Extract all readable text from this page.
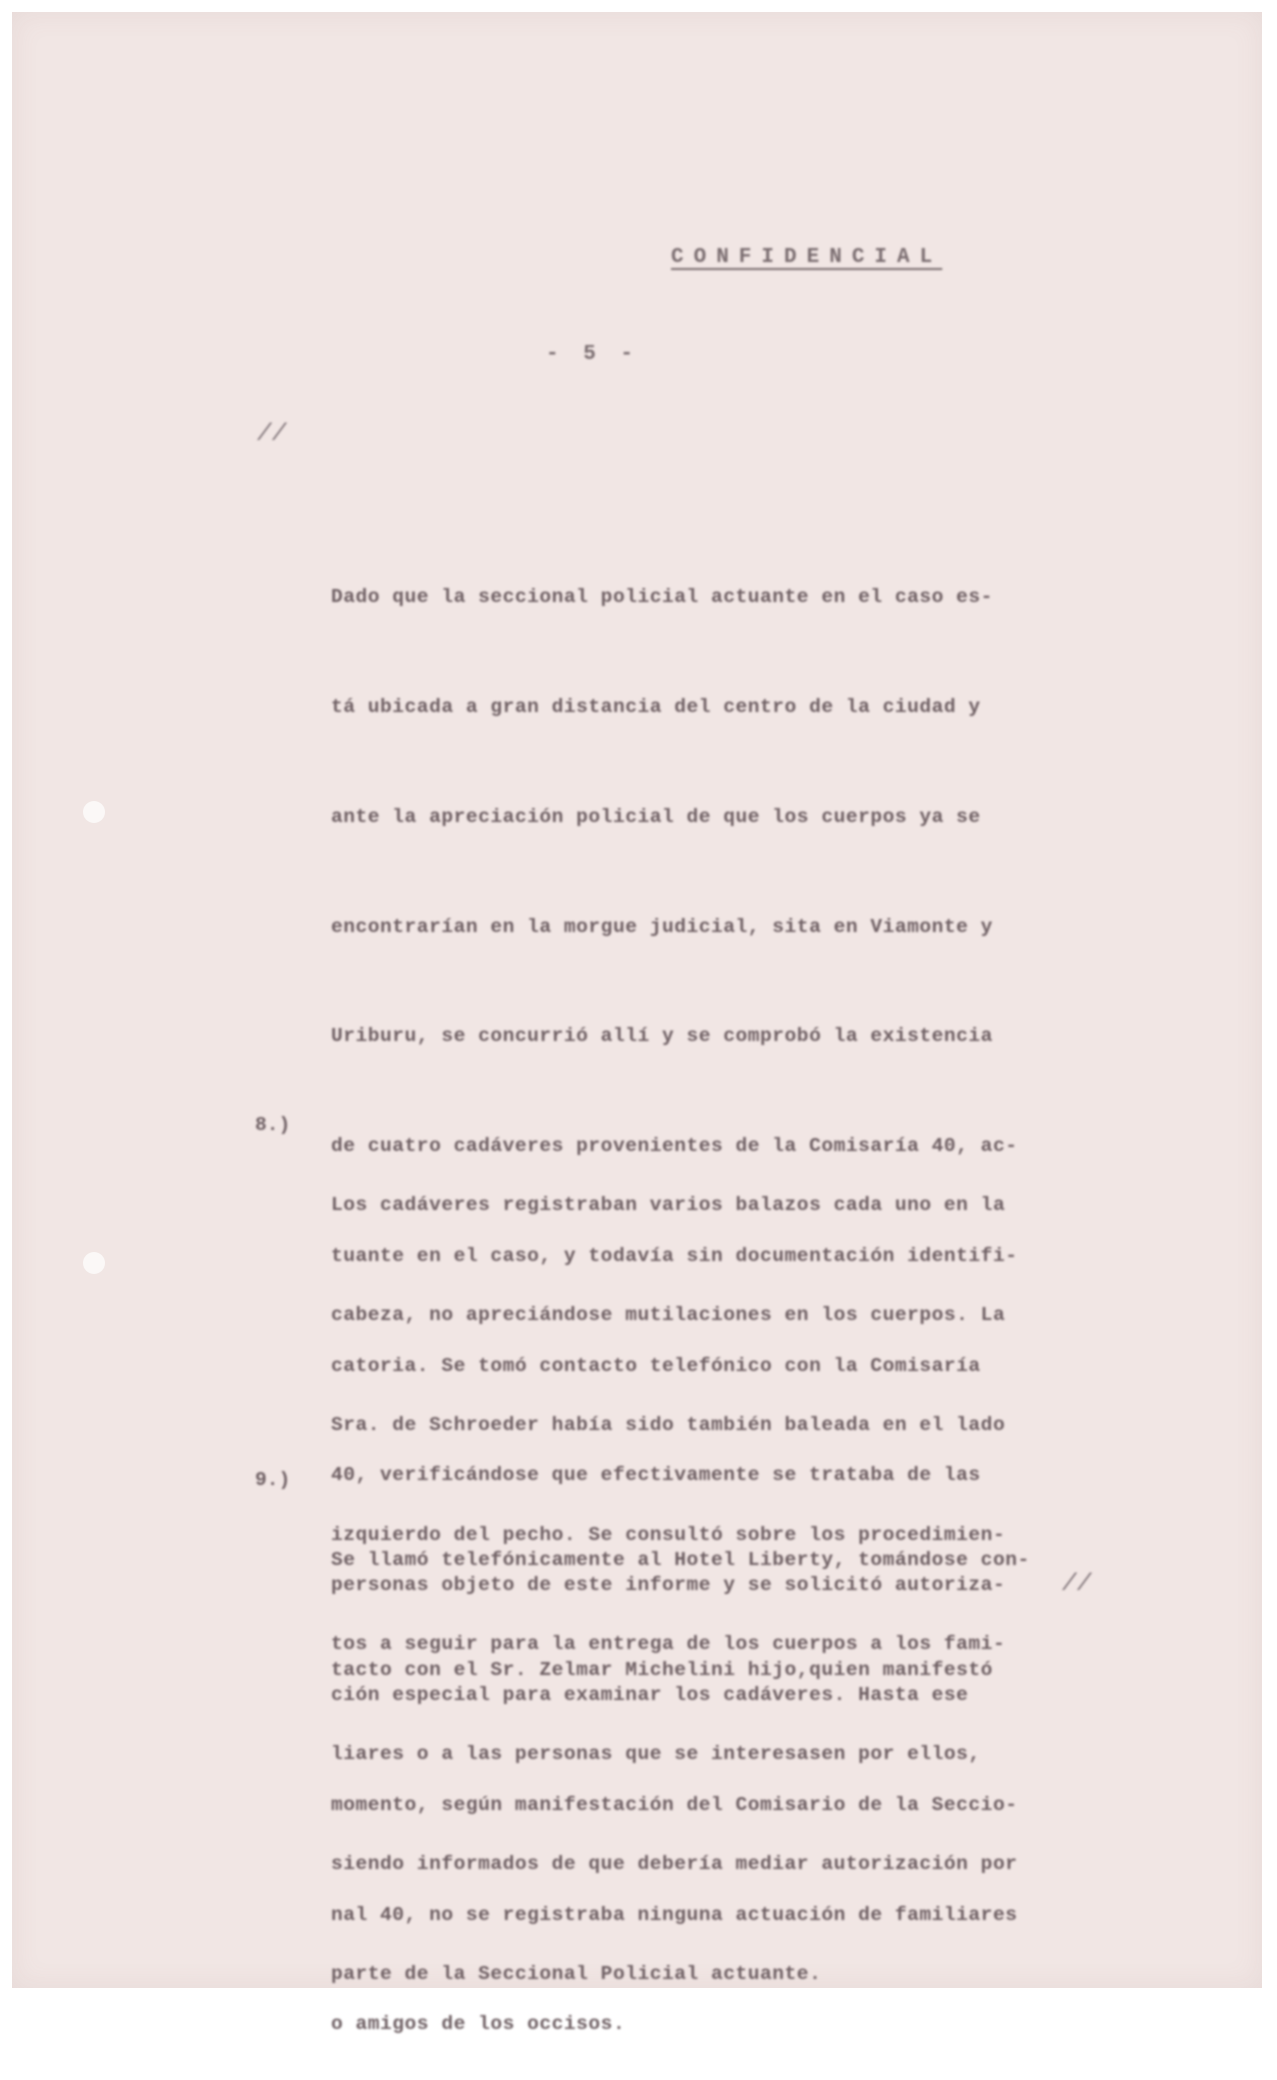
CONFIDENCIAL
- 5 -
//

Dado que la seccional policial actuante en el caso es-

tá ubicada a gran distancia del centro de la ciudad y

ante la apreciación policial de que los cuerpos ya se

encontrarían en la morgue judicial, sita en Viamonte y

Uriburu, se concurrió allí y se comprobó la existencia

de cuatro cadáveres provenientes de la Comisaría 40, ac-

tuante en el caso, y todavía sin documentación identifi-

catoria. Se tomó contacto telefónico con la Comisaría

40, verificándose que efectivamente se trataba de las

personas objeto de este informe y se solicitó autoriza-

ción especial para examinar los cadáveres. Hasta ese

momento, según manifestación del Comisario de la Seccio-

nal 40, no se registraba ninguna actuación de familiares

o amigos de los occisos.

8.)

Los cadáveres registraban varios balazos cada uno en la

cabeza, no apreciándose mutilaciones en los cuerpos. La

Sra. de Schroeder había sido también baleada en el lado

izquierdo del pecho. Se consultó sobre los procedimien-

tos a seguir para la entrega de los cuerpos a los fami-

liares o a las personas que se interesasen por ellos,

siendo informados de que debería mediar autorización por

parte de la Seccional Policial actuante.

9.)

Se llamó telefónicamente al Hotel Liberty, tomándose con-

tacto con el Sr. Zelmar Michelini hijo,quien manifestó

//
